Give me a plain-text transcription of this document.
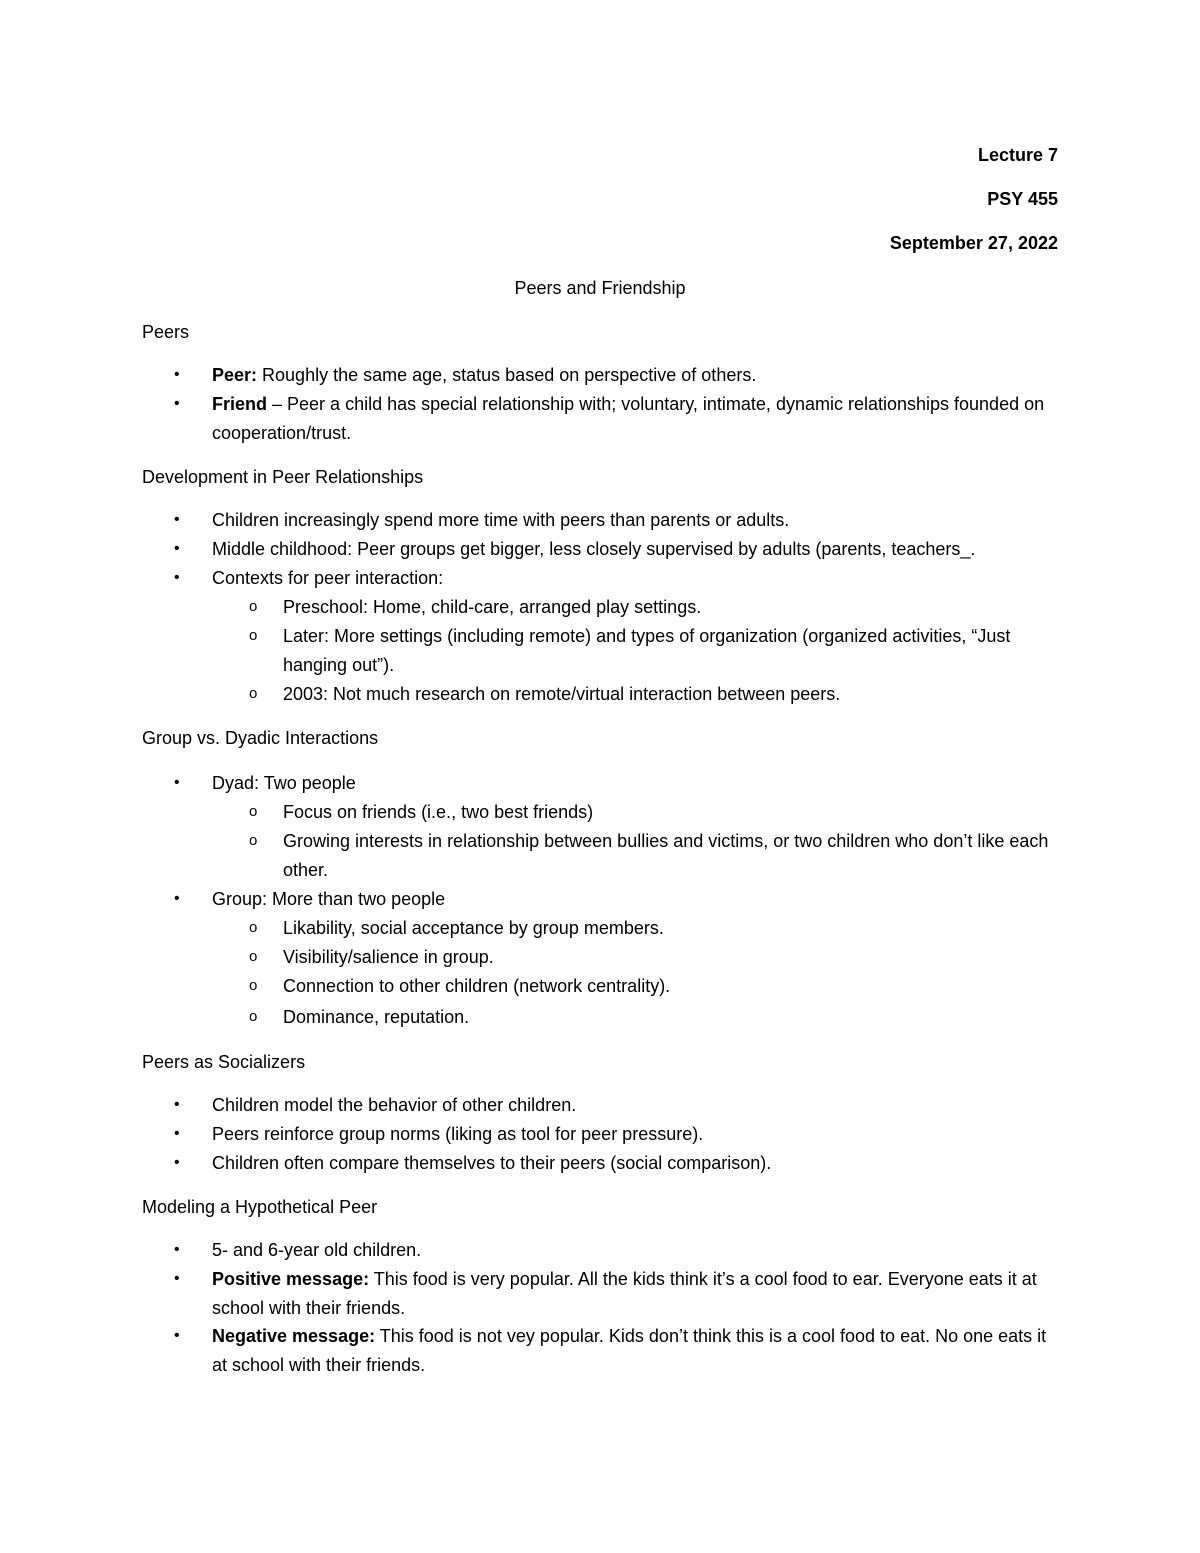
Lecture 7
PSY 455
September 27, 2022
Peers and Friendship
Peers
• Peer: Roughly the same age, status based on perspective of others.
• Friend – Peer a child has special relationship with; voluntary, intimate, dynamic relationships founded on cooperation/trust.
Development in Peer Relationships
• Children increasingly spend more time with peers than parents or adults.
• Middle childhood: Peer groups get bigger, less closely supervised by adults (parents, teachers_.
• Contexts for peer interaction:
o Preschool: Home, child-care, arranged play settings.
o Later: More settings (including remote) and types of organization (organized activities, “Just hanging out”).
o 2003: Not much research on remote/virtual interaction between peers.
Group vs. Dyadic Interactions
• Dyad: Two people
o Focus on friends (i.e., two best friends)
o Growing interests in relationship between bullies and victims, or two children who don’t like each other.
• Group: More than two people
o Likability, social acceptance by group members.
o Visibility/salience in group.
o Connection to other children (network centrality).
o Dominance, reputation.
Peers as Socializers
• Children model the behavior of other children.
• Peers reinforce group norms (liking as tool for peer pressure).
• Children often compare themselves to their peers (social comparison).
Modeling a Hypothetical Peer
• 5- and 6-year old children.
• Positive message: This food is very popular. All the kids think it’s a cool food to ear. Everyone eats it at school with their friends.
• Negative message: This food is not vey popular. Kids don’t think this is a cool food to eat. No one eats it at school with their friends.
